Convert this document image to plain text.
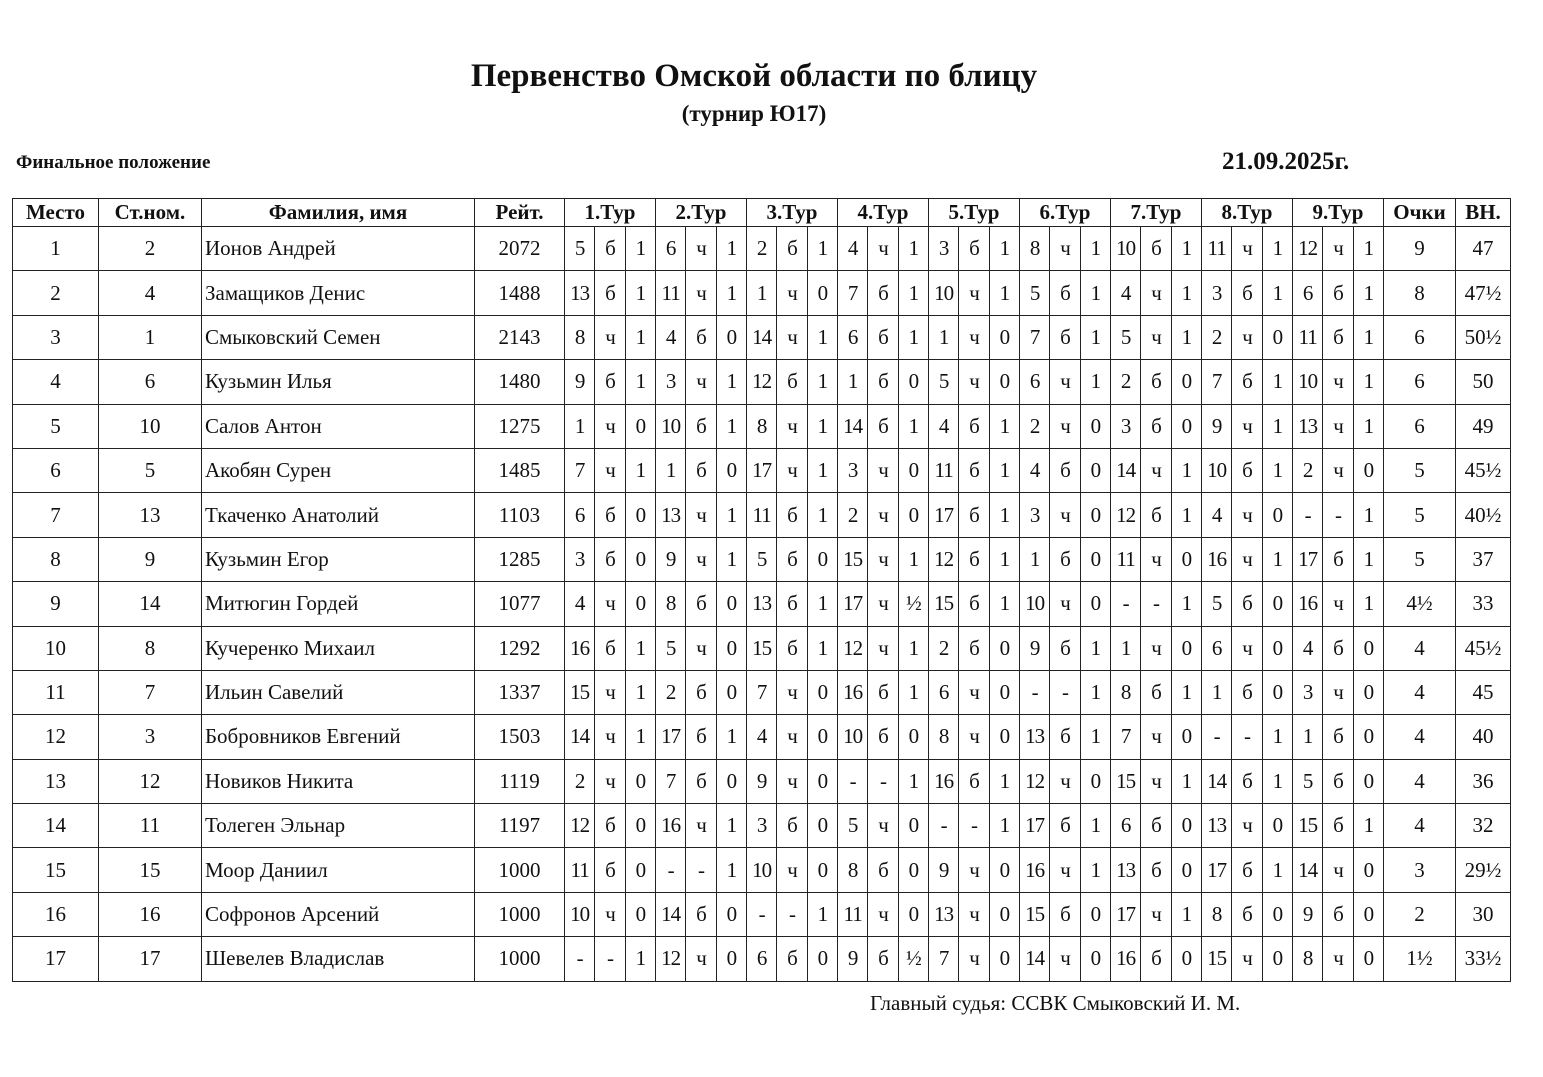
Первенство Омской области по блицу
(турнир Ю17)
Финальное положение	21.09.2025г.
Место	Ст.ном.	Фамилия, имя	Рейт.	1.Тур			2.Тур			3.Тур			4.Тур			5.Тур			6.Тур			7.Тур			8.Тур			9.Тур			Очки	ВН.
1	2	Ионов Андрей	2072	5	б	1	6	ч	1	2	б	1	4	ч	1	3	б	1	8	ч	1	10	б	1	11	ч	1	12	ч	1	9	47
2	4	Замащиков Денис	1488	13	б	1	11	ч	1	1	ч	0	7	б	1	10	ч	1	5	б	1	4	ч	1	3	б	1	6	б	1	8	47½
3	1	Смыковский Семен	2143	8	ч	1	4	б	0	14	ч	1	6	б	1	1	ч	0	7	б	1	5	ч	1	2	ч	0	11	б	1	6	50½
4	6	Кузьмин Илья	1480	9	б	1	3	ч	1	12	б	1	1	б	0	5	ч	0	6	ч	1	2	б	0	7	б	1	10	ч	1	6	50
5	10	Салов Антон	1275	1	ч	0	10	б	1	8	ч	1	14	б	1	4	б	1	2	ч	0	3	б	0	9	ч	1	13	ч	1	6	49
6	5	Акобян Сурен	1485	7	ч	1	1	б	0	17	ч	1	3	ч	0	11	б	1	4	б	0	14	ч	1	10	б	1	2	ч	0	5	45½
7	13	Ткаченко Анатолий	1103	6	б	0	13	ч	1	11	б	1	2	ч	0	17	б	1	3	ч	0	12	б	1	4	ч	0	-	-	1	5	40½
8	9	Кузьмин Егор	1285	3	б	0	9	ч	1	5	б	0	15	ч	1	12	б	1	1	б	0	11	ч	0	16	ч	1	17	б	1	5	37
9	14	Митюгин Гордей	1077	4	ч	0	8	б	0	13	б	1	17	ч	½	15	б	1	10	ч	0	-	-	1	5	б	0	16	ч	1	4½	33
10	8	Кучеренко Михаил	1292	16	б	1	5	ч	0	15	б	1	12	ч	1	2	б	0	9	б	1	1	ч	0	6	ч	0	4	б	0	4	45½
11	7	Ильин Савелий	1337	15	ч	1	2	б	0	7	ч	0	16	б	1	6	ч	0	-	-	1	8	б	1	1	б	0	3	ч	0	4	45
12	3	Бобровников Евгений	1503	14	ч	1	17	б	1	4	ч	0	10	б	0	8	ч	0	13	б	1	7	ч	0	-	-	1	1	б	0	4	40
13	12	Новиков Никита	1119	2	ч	0	7	б	0	9	ч	0	-	-	1	16	б	1	12	ч	0	15	ч	1	14	б	1	5	б	0	4	36
14	11	Толеген Эльнар	1197	12	б	0	16	ч	1	3	б	0	5	ч	0	-	-	1	17	б	1	6	б	0	13	ч	0	15	б	1	4	32
15	15	Моор Даниил	1000	11	б	0	-	-	1	10	ч	0	8	б	0	9	ч	0	16	ч	1	13	б	0	17	б	1	14	ч	0	3	29½
16	16	Софронов Арсений	1000	10	ч	0	14	б	0	-	-	1	11	ч	0	13	ч	0	15	б	0	17	ч	1	8	б	0	9	б	0	2	30
17	17	Шевелев Владислав	1000	-	-	1	12	ч	0	6	б	0	9	б	½	7	ч	0	14	ч	0	16	б	0	15	ч	0	8	ч	0	1½	33½
Главный судья: ССВК Смыковский И. М.
